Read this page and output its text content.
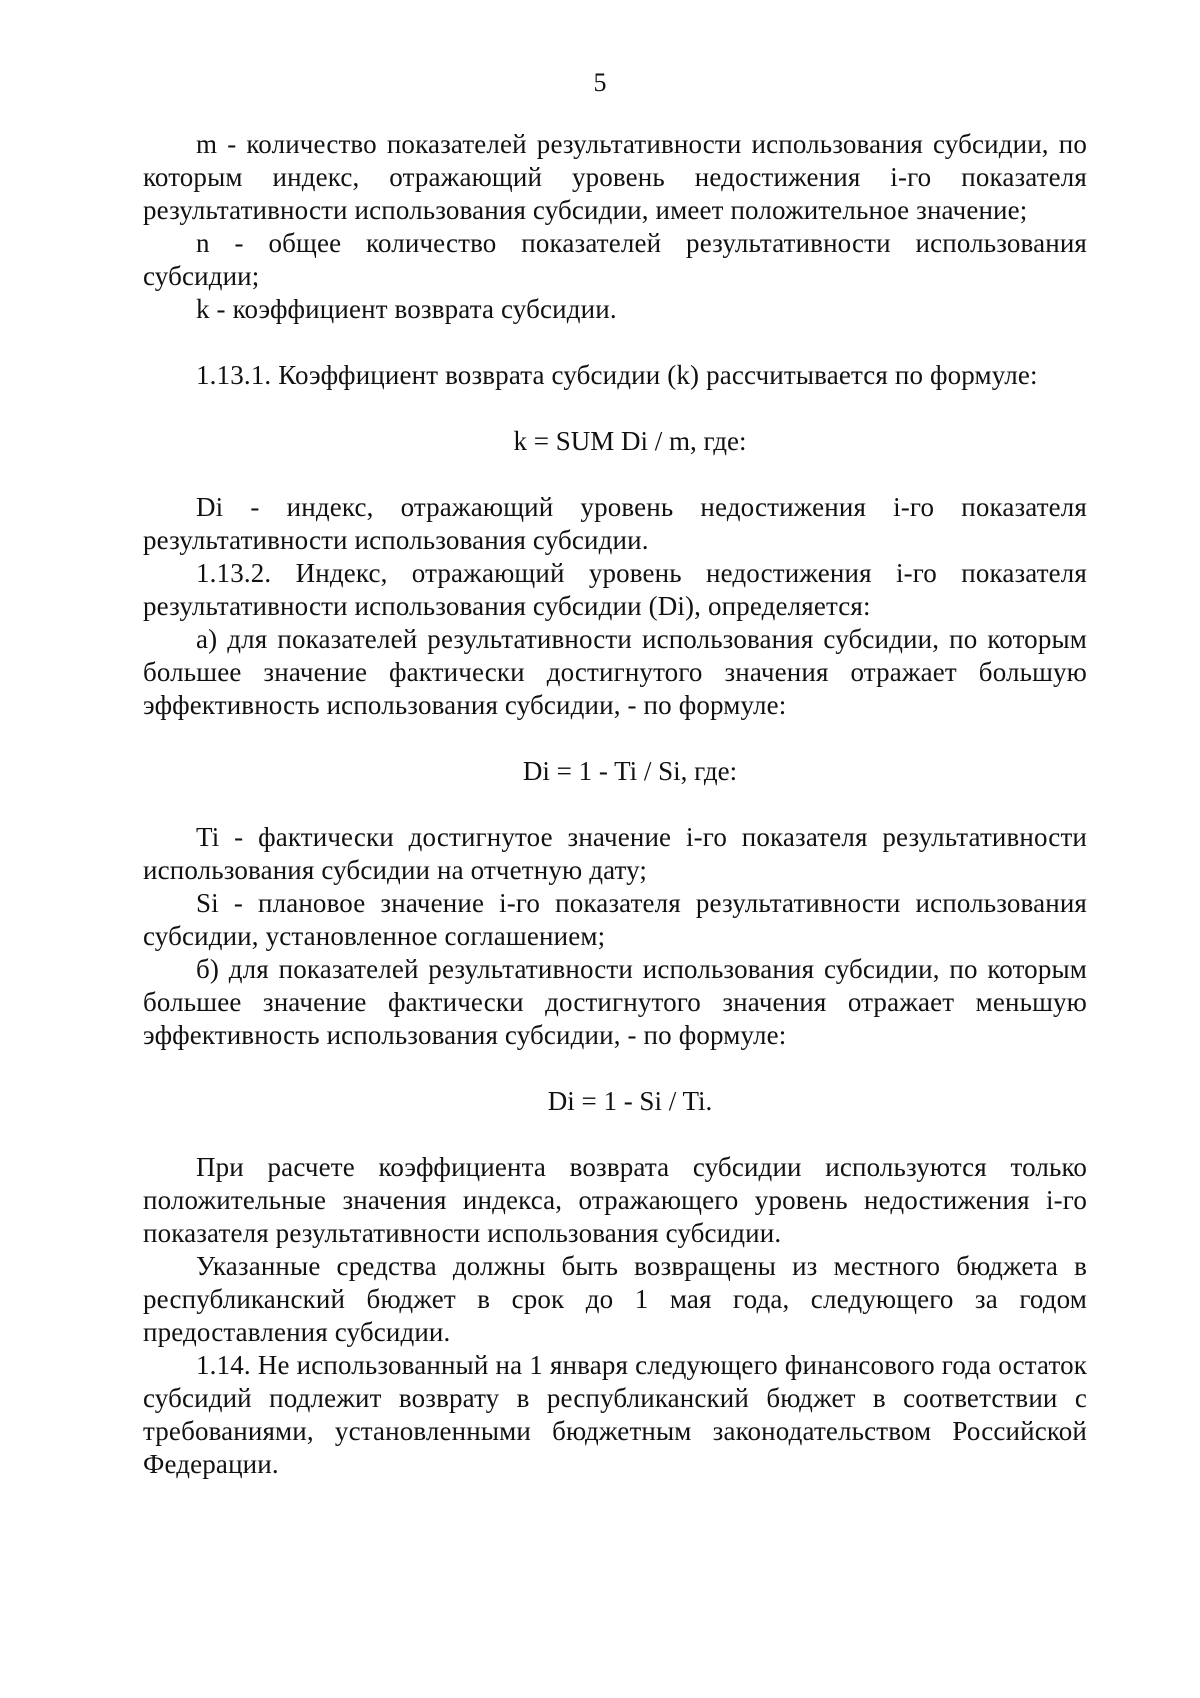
5

m - количество показателей результативности использования субсидии, по которым индекс, отражающий уровень недостижения i-го показателя результативности использования субсидии, имеет положительное значение;

n - общее количество показателей результативности использования субсидии;

k - коэффициент возврата субсидии.

1.13.1. Коэффициент возврата субсидии (k) рассчитывается по формуле:

k = SUM Di / m, где:

Di - индекс, отражающий уровень недостижения i-го показателя результативности использования субсидии.

1.13.2. Индекс, отражающий уровень недостижения i-го показателя результативности использования субсидии (Di), определяется:

а) для показателей результативности использования субсидии, по которым большее значение фактически достигнутого значения отражает большую эффективность использования субсидии, - по формуле:

Di = 1 - Ti / Si, где:

Ti - фактически достигнутое значение i-го показателя результативности использования субсидии на отчетную дату;

Si - плановое значение i-го показателя результативности использования субсидии, установленное соглашением;

б) для показателей результативности использования субсидии, по которым большее значение фактически достигнутого значения отражает меньшую эффективность использования субсидии, - по формуле:

Di = 1 - Si / Ti.

При расчете коэффициента возврата субсидии используются только положительные значения индекса, отражающего уровень недостижения i-го показателя результативности использования субсидии.

Указанные средства должны быть возвращены из местного бюджета в республиканский бюджет в срок до 1 мая года, следующего за годом предоставления субсидии.

1.14. Не использованный на 1 января следующего финансового года остаток субсидий подлежит возврату в республиканский бюджет в соответствии с требованиями, установленными бюджетным законодательством Российской Федерации.
